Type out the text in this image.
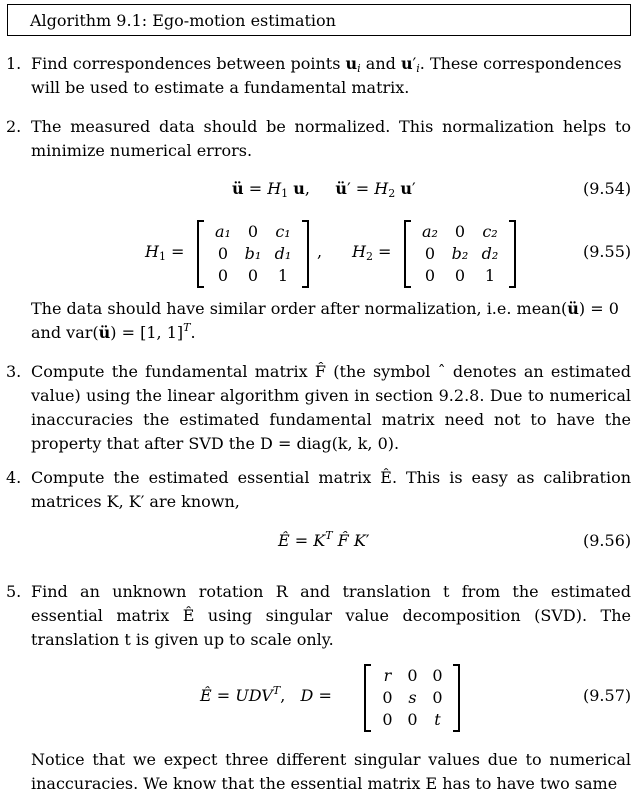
Algorithm 9.1: Ego-motion estimation
1. Find correspondences between points $u_i$ and $u'_i$. These correspondences
will be used to estimate a fundamental matrix.
2. The measured data should be normalized. This normalization helps to minimize numerical errors.
ü = $H_1$ u,     ü′ = $H_2$ u′	(9.54)
$H_1$ =
a₁	0	c₁
0	b₁ d₁
0	0	1
, $H_2$ =
a₂	0	c₂
0	b₂ d₂
0	0	1
(9.55)
The data should have similar order after normalization, i.e. mean(ü) = 0
and var(ü) = [1, 1]$^T$.
3. Compute the fundamental matrix F̂ (the symbol ˆ denotes an estimated value) using the linear algorithm given in section 9.2.8. Due to numerical inaccuracies the estimated fundamental matrix need not to have the property that after SVD the D = diag(k, k, 0).
4. Compute the estimated essential matrix Ê. This is easy as calibration matrices K, K′ are known,
Ê = $K^T$ F̂ K′	(9.56)
5. Find an unknown rotation R and translation t from the estimated essential matrix Ê using singular value decomposition (SVD). The translation t is given up to scale only.
Ê = $UDV^T$,   D =
r	0 0
0 s 0
0 0	t
(9.57)
Notice that we expect three different singular values due to numerical inaccuracies. We know that the essential matrix E has to have two same
